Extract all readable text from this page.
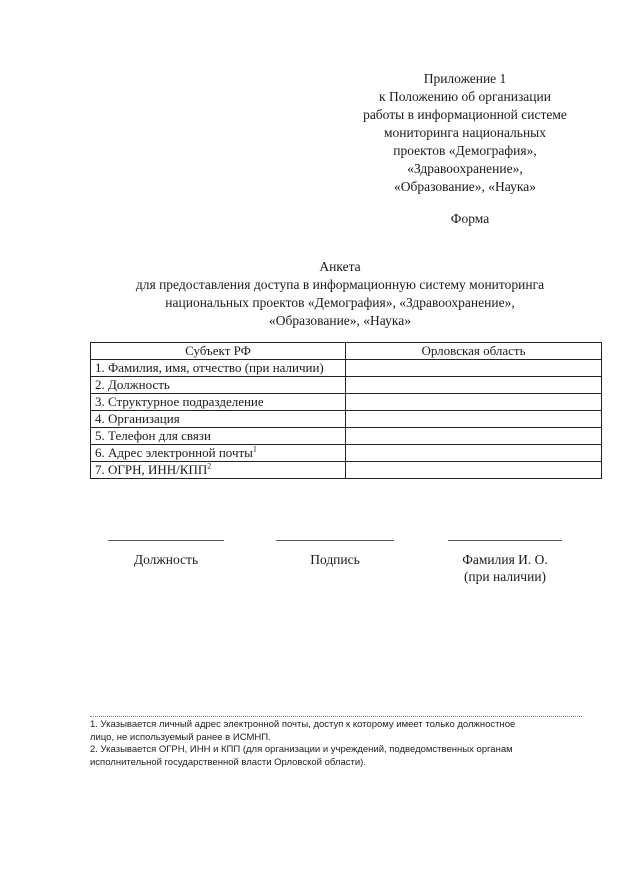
Приложение 1
к Положению об организации
работы в информационной системе
мониторинга национальных
проектов «Демография»,
«Здравоохранение»,
«Образование», «Наука»
Форма
Анкета
для предоставления доступа в информационную систему мониторинга
национальных проектов «Демография», «Здравоохранение»,
«Образование», «Наука»
Субъект РФ	Орловская область
1. Фамилия, имя, отчество (при наличии)	
2. Должность	
3. Структурное подразделение	
4. Организация	
5. Телефон для связи	
6. Адрес электронной почты$^1$	
7. ОГРН, ИНН/КПП$^2$	
Должность	Подпись	Фамилия И. О.
(при наличии)
1. Указывается личный адрес электронной почты, доступ к которому имеет только должностное
лицо, не используемый ранее в ИСМНП.
2. Указывается ОГРН, ИНН и КПП (для организации и учреждений, подведомственных органам
исполнительной государственной власти Орловской области).
